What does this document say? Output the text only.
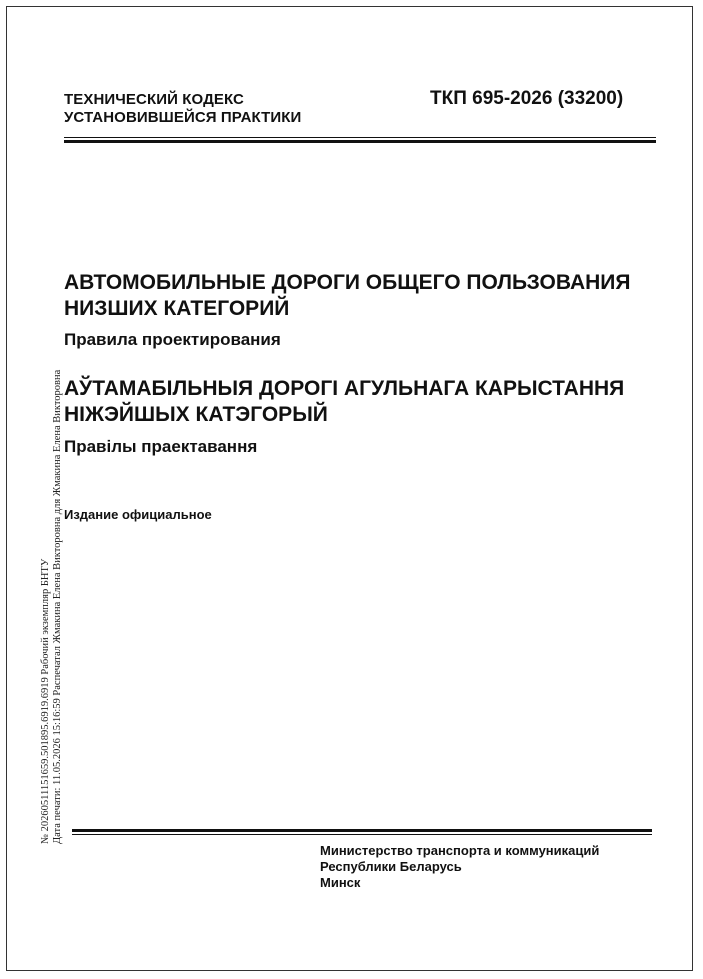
ТЕХНИЧЕСКИЙ КОДЕКС
УСТАНОВИВШЕЙСЯ ПРАКТИКИ
ТКП 695-2026 (33200)
АВТОМОБИЛЬНЫЕ ДОРОГИ ОБЩЕГО ПОЛЬЗОВАНИЯ
НИЗШИХ КАТЕГОРИЙ
Правила проектирования
АЎТАМАБІЛЬНЫЯ ДОРОГІ АГУЛЬНАГА КАРЫСТАННЯ
НІЖЭЙШЫХ КАТЭГОРЫЙ
Правілы праектавання
Издание официальное
№ 20260511151659.501895.6919.6919 Рабочий экземпляр БНТУ Дата печати: 11.05.2026 15:16:59 Распечатал Жмакина Елена Викторовна для Жмакина Елена Викторовна
Министерство транспорта и коммуникаций
Республики Беларусь
Минск
